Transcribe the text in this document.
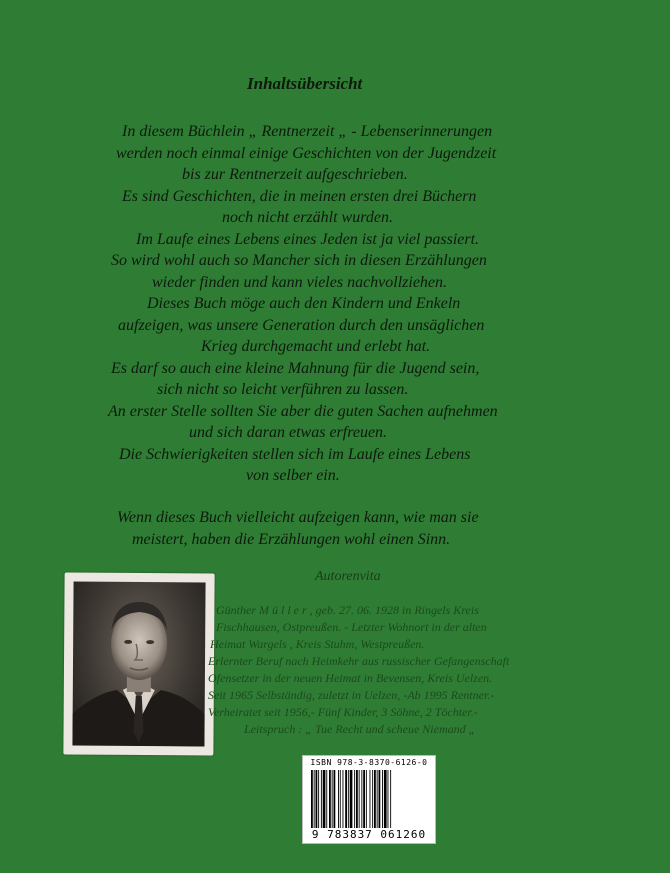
Inhaltsübersicht

In diesem Büchlein „ Rentnerzeit „ - Lebenserinnerungen

werden noch einmal einige Geschichten von der Jugendzeit

bis zur Rentnerzeit aufgeschrieben.

Es sind Geschichten, die in meinen ersten drei Büchern

noch nicht erzählt wurden.

Im Laufe eines Lebens eines Jeden ist ja viel passiert.

So wird wohl auch so Mancher sich in diesen Erzählungen

wieder finden und kann vieles nachvollziehen.

Dieses Buch möge auch den Kindern und Enkeln

aufzeigen, was unsere Generation durch den unsäglichen

Krieg durchgemacht und erlebt hat.

Es darf so auch eine kleine Mahnung für die Jugend sein,

sich nicht so leicht verführen zu lassen.

An erster Stelle sollten Sie aber die guten Sachen aufnehmen

und sich daran etwas erfreuen.

Die Schwierigkeiten stellen sich im Laufe eines Lebens

von selber ein.

Wenn dieses Buch vielleicht aufzeigen kann, wie man sie

meistert, haben die Erzählungen wohl einen Sinn.

Autorenvita

Günther M ü l l e r , geb. 27. 06. 1928 in Ringels Kreis

Fischhausen, Ostpreußen. - Letzter Wohnort in der alten

Heimat Wargels , Kreis Stuhm, Westpreußen.

Erlernter Beruf nach Heimkehr aus russischer Gefangenschaft

Ofensetzer in der neuen Heimat in Bevensen, Kreis Uelzen.

Seit 1965 Selbständig, zuletzt in Uelzen, -Ab 1995 Rentner.-

Verheiratet seit 1956,- Fünf Kinder, 3 Söhne, 2 Töchter.-

Leitspruch : „ Tue Recht und scheue Niemand „

ISBN 978-3-8370-6126-0

9 783837 061260
